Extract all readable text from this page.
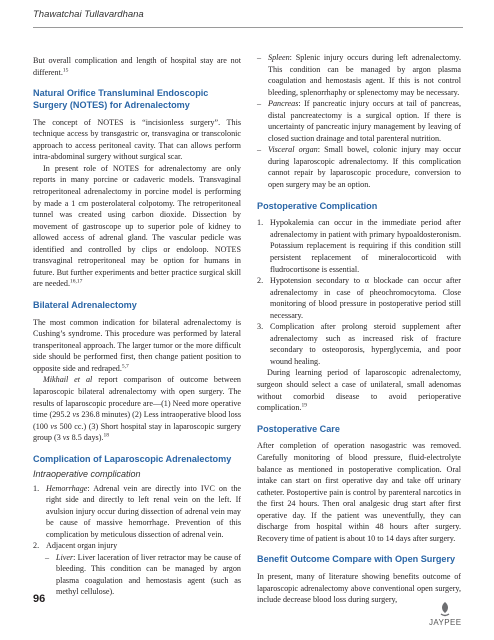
Thawatchai Tullavardhana

But overall complication and length of hospital stay are not different.$^{15}$

Natural Orifice Transluminal Endoscopic Surgery (NOTES) for Adrenalectomy

The concept of NOTES is “incisionless surgery”. This technique access by transgastric or, transvagina or transcolonic approach to access peritoneal cavity. That can allows perform intra-abdominal surgery without surgical scar.

In present role of NOTES for adrenalectomy are only reports in many porcine or cadaveric models. Transvaginal retroperitoneal adrenalectomy in porcine model is performing by made a 1 cm posterolateral colpotomy. The retroperitoneal tunnel was created using carbon dioxide. Dissection by movement of gastroscope up to superior pole of kidney to allowed access of adrenal gland. The vascular pedicle was identified and controlled by clips or endoloop. NOTES transvaginal retroperitoneal may be option for humans in future. But further experiments and better practice surgical skill are needed.$^{16,17}$

Bilateral Adrenalectomy

The most common indication for bilateral adrenalectomy is Cushing’s syndrome. This procedure was performed by lateral transperitoneal approach. The larger tumor or the more difficult side should be performed first, then change patient position to opposite side and redraped.$^{5,7}$

Mikhail et al report comparison of outcome between laparoscopic bilateral adrenalectomy with open surgery. The results of laparoscopic procedure are—(1) Need more operative time (295.2 vs 236.8 minutes) (2) Less intraoperative blood loss (100 vs 500 cc.) (3) Short hospital stay in laparoscopic surgery group (3 vs 8.5 days).$^{18}$

Complication of Laparoscopic Adrenalectomy
Intraoperative complication
1. Hemorrhage: Adrenal vein are directly into IVC on the right side and directly to left renal vein on the left. If avulsion injury occur during dissection of adrenal vein may be cause of massive hemorrhage. Prevention of this complication by meticulous dissection of adrenal vein.
2. Adjacent organ injury
– Liver: Liver laceration of liver retractor may be cause of bleeding. This condition can be managed by argon plasma coagulation and hemostasis agent (such as methyl cellulose).
– Spleen: Splenic injury occurs during left adrenalectomy. This condition can be managed by argon plasma coagulation and hemostasis agent. If this is not control bleeding, splenorrhaphy or splenectomy may be necessary.
– Pancreas: If pancreatic injury occurs at tail of pancreas, distal pancreatectomy is a surgical option. If there is uncertainty of pancreatic injury management by leaving of closed suction drainage and total parenteral nutrition.
– Visceral organ: Small bowel, colonic injury may occur during laparoscopic adrenalectomy. If this complication cannot repair by laparoscopic procedure, conversion to open surgery may be an option.
Postoperative Complication
1. Hypokalemia can occur in the immediate period after adrenalectomy in patient with primary hypoaldosteronism. Potassium replacement is requiring if this condition still persistent replacement of mineralocorticoid with fludrocortisone is essential.
2. Hypotension secondary to α blockade can occur after adrenalectomy in case of pheochromocytoma. Close monitoring of blood pressure in postoperative period still necessary.
3. Complication after prolong steroid supplement after adrenalectomy such as increased risk of fracture secondary to osteoporosis, hyperglycemia, and poor wound healing.

During learning period of laparoscopic adrenalectomy, surgeon should select a case of unilateral, small adenomas without comorbid disease to avoid perioperative complication.$^{19}$

Postoperative Care

After completion of operation nasogastric was removed. Carefully monitoring of blood pressure, fluid-electrolyte balance as mentioned in postoperative complication. Oral intake can start on first operative day and take off urinary catheter. Postopertive pain is control by parenteral narcotics in the first 24 hours. Then oral analgesic drug start after first operative day. If the patient was uneventfully, they can discharge from hospital within 48 hours after surgery. Recovery time of patient is about 10 to 14 days after surgery.

Benefit Outcome Compare with Open Surgery

In present, many of literature showing benefits outcome of laparoscopic adrenalectomy above conventional open surgery, include decrease blood loss during surgery,

96
JAYPEE
